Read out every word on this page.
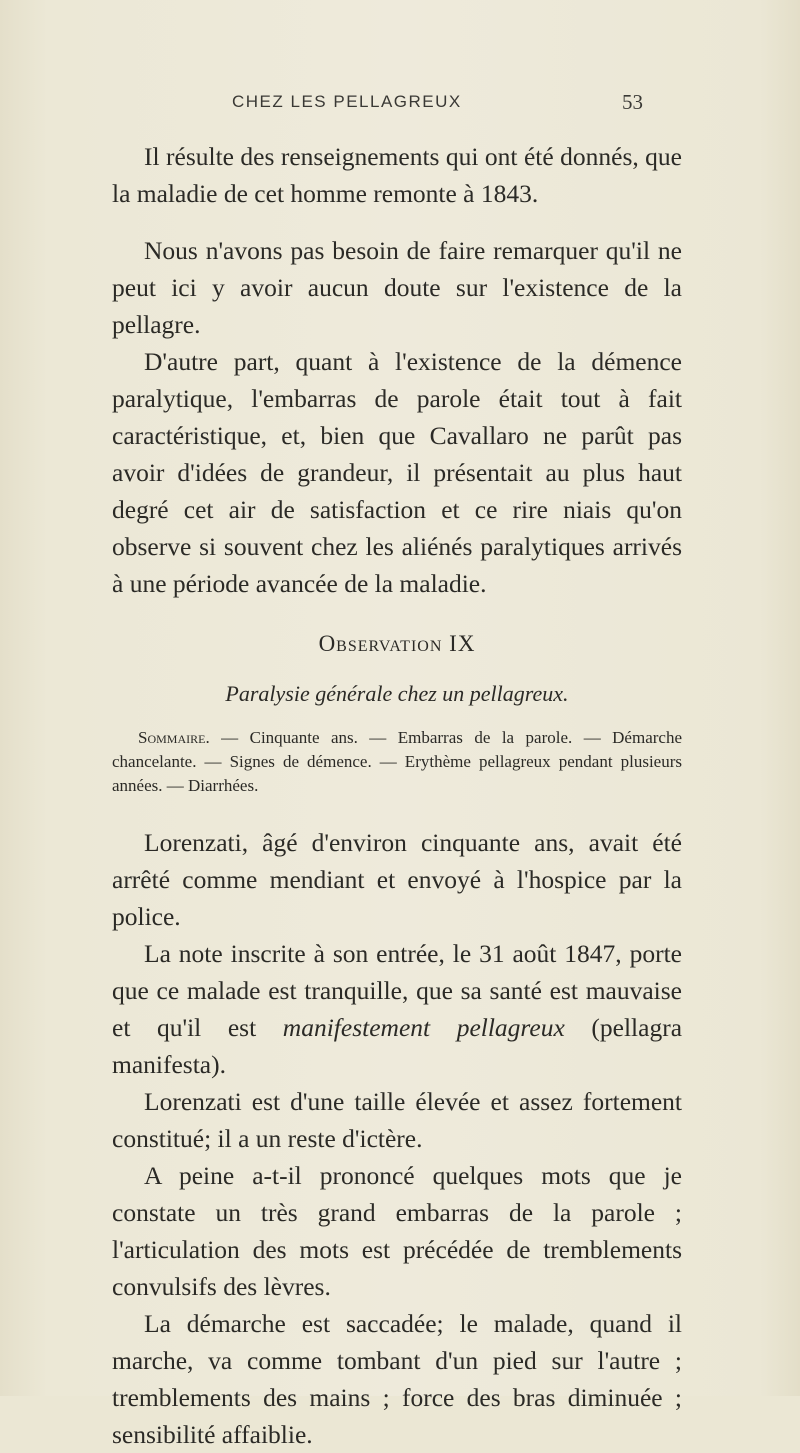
CHEZ LES PELLAGREUX	53

Il résulte des renseignements qui ont été donnés, que la maladie de cet homme remonte à 1843.

Nous n'avons pas besoin de faire remarquer qu'il ne peut ici y avoir aucun doute sur l'existence de la pellagre.

D'autre part, quant à l'existence de la démence paralytique, l'embarras de parole était tout à fait caractéristique, et, bien que Cavallaro ne parût pas avoir d'idées de grandeur, il présentait au plus haut degré cet air de satisfaction et ce rire niais qu'on observe si souvent chez les aliénés paralytiques arrivés à une période avancée de la maladie.

Observation IX
Paralysie générale chez un pellagreux.
Sommaire. — Cinquante ans. — Embarras de la parole. — Démarche chancelante. — Signes de démence. — Erythème pellagreux pendant plusieurs années. — Diarrhées.

Lorenzati, âgé d'environ cinquante ans, avait été arrêté comme mendiant et envoyé à l'hospice par la police.

La note inscrite à son entrée, le 31 août 1847, porte que ce malade est tranquille, que sa santé est mauvaise et qu'il est manifestement pellagreux (pellagra manifesta).

Lorenzati est d'une taille élevée et assez fortement constitué; il a un reste d'ictère.

A peine a-t-il prononcé quelques mots que je constate un très grand embarras de la parole ; l'articulation des mots est précédée de tremblements convulsifs des lèvres.

La démarche est saccadée; le malade, quand il marche, va comme tombant d'un pied sur l'autre ; tremblements des mains ; force des bras diminuée ; sensibilité affaiblie.
